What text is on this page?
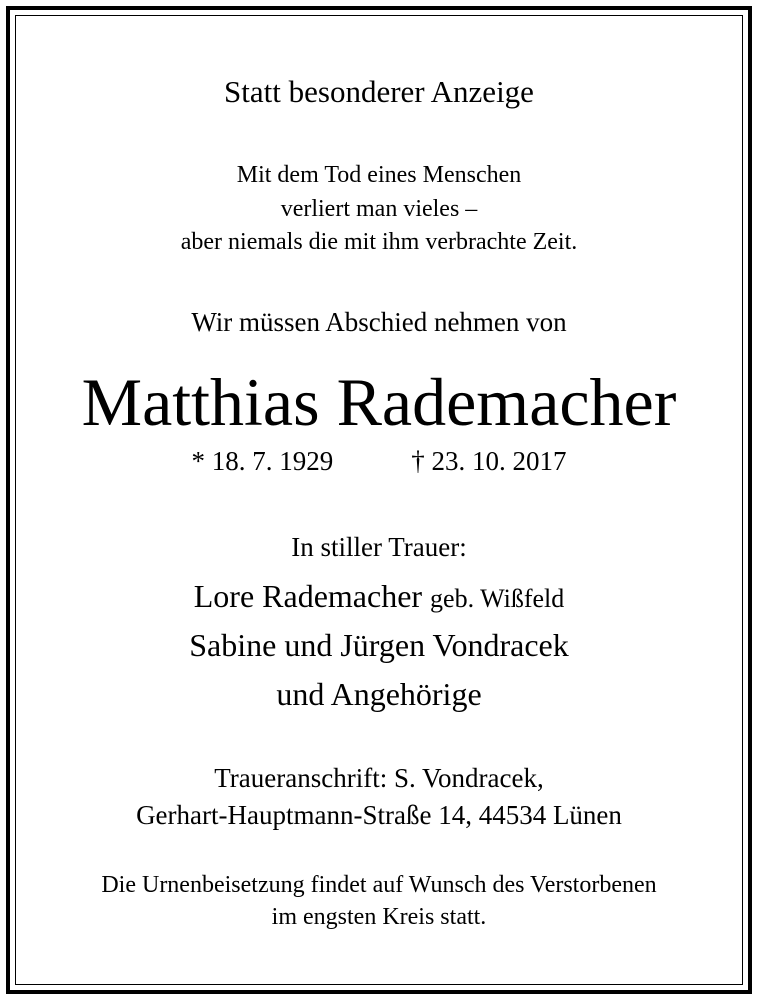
Statt besonderer Anzeige
Mit dem Tod eines Menschen
verliert man vieles –
aber niemals die mit ihm verbrachte Zeit.
Wir müssen Abschied nehmen von
Matthias Rademacher
* 18. 7. 1929	† 23. 10. 2017
In stiller Trauer:
Lore Rademacher geb. Wißfeld
Sabine und Jürgen Vondracek
und Angehörige
Traueranschrift: S. Vondracek,
Gerhart-Hauptmann-Straße 14, 44534 Lünen
Die Urnenbeisetzung findet auf Wunsch des Verstorbenen
im engsten Kreis statt.
